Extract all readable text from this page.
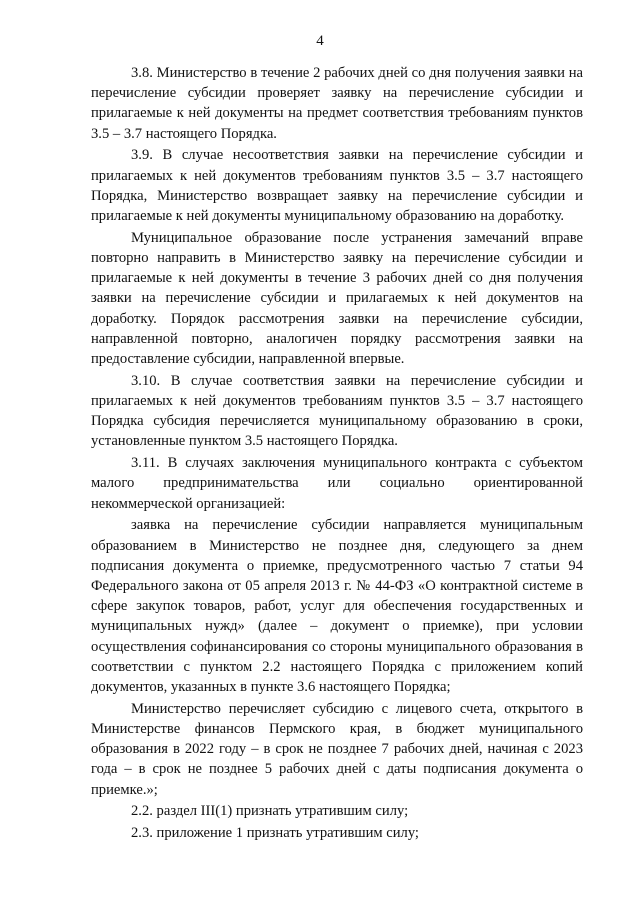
4

3.8. Министерство в течение 2 рабочих дней со дня получения заявки на перечисление субсидии проверяет заявку на перечисление субсидии и прилагаемые к ней документы на предмет соответствия требованиям пунктов 3.5 – 3.7 настоящего Порядка.

3.9. В случае несоответствия заявки на перечисление субсидии и прилагаемых к ней документов требованиям пунктов 3.5 – 3.7 настоящего Порядка, Министерство возвращает заявку на перечисление субсидии и прилагаемые к ней документы муниципальному образованию на доработку.

Муниципальное образование после устранения замечаний вправе повторно направить в Министерство заявку на перечисление субсидии и прилагаемые к ней документы в течение 3 рабочих дней со дня получения заявки на перечисление субсидии и прилагаемых к ней документов на доработку. Порядок рассмотрения заявки на перечисление субсидии, направленной повторно, аналогичен порядку рассмотрения заявки на предоставление субсидии, направленной впервые.

3.10. В случае соответствия заявки на перечисление субсидии и прилагаемых к ней документов требованиям пунктов 3.5 – 3.7 настоящего Порядка субсидия перечисляется муниципальному образованию в сроки, установленные пунктом 3.5 настоящего Порядка.

3.11. В случаях заключения муниципального контракта с субъектом малого предпринимательства или социально ориентированной некоммерческой организацией:

заявка на перечисление субсидии направляется муниципальным образованием в Министерство не позднее дня, следующего за днем подписания документа о приемке, предусмотренного частью 7 статьи 94 Федерального закона от 05 апреля 2013 г. № 44-ФЗ «О контрактной системе в сфере закупок товаров, работ, услуг для обеспечения государственных и муниципальных нужд» (далее – документ о приемке), при условии осуществления софинансирования со стороны муниципального образования в соответствии с пунктом 2.2 настоящего Порядка с приложением копий документов, указанных в пункте 3.6 настоящего Порядка;

Министерство перечисляет субсидию с лицевого счета, открытого в Министерстве финансов Пермского края, в бюджет муниципального образования в 2022 году – в срок не позднее 7 рабочих дней, начиная с 2023 года – в срок не позднее 5 рабочих дней с даты подписания документа о приемке.»;

2.2. раздел III(1) признать утратившим силу;

2.3. приложение 1 признать утратившим силу;
